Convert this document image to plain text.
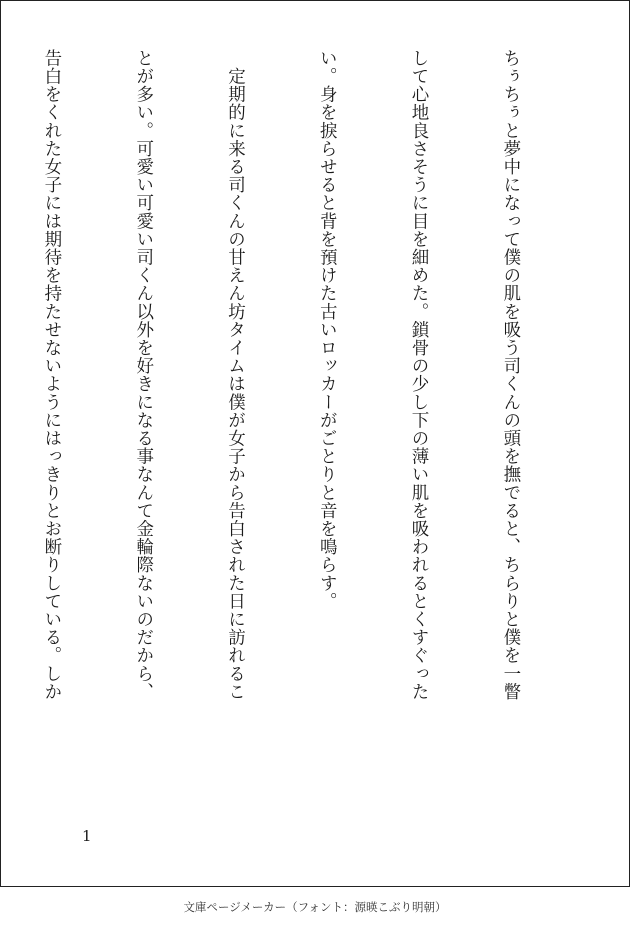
ちぅちぅと夢中になって僕の肌を吸う司くんの頭を撫でると、ちらりと僕を一瞥

して心地良さそうに目を細めた。鎖骨の少し下の薄い肌を吸われるとくすぐった

い。身を捩らせると背を預けた古いロッカーがごとりと音を鳴らす。

　定期的に来る司くんの甘えん坊タイムは僕が女子から告白された日に訪れるこ

とが多い。可愛い可愛い司くん以外を好きになる事なんて金輪際ないのだから、

告白をくれた女子には期待を持たせないようにはっきりとお断りしている。しか

1
文庫ページメーカー（フォント：源暎こぶり明朝）
